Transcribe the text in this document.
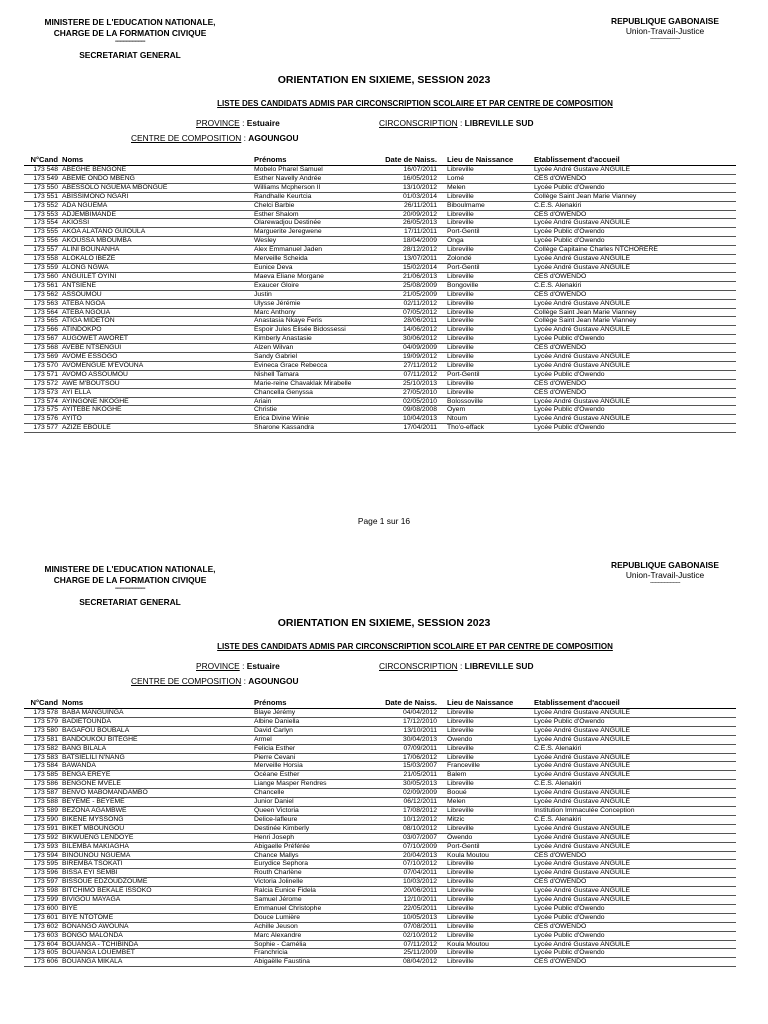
MINISTERE DE L'EDUCATION NATIONALE,
CHARGE DE LA FORMATION CIVIQUE
--------------------
SECRETARIAT GENERAL
REPUBLIQUE GABONAISE
Union-Travail-Justice
--------------------
ORIENTATION EN SIXIEME, SESSION 2023
LISTE DES CANDIDATS ADMIS PAR CIRCONSCRIPTION SCOLAIRE ET PAR CENTRE DE COMPOSITION
PROVINCE : Estuaire	CIRCONSCRIPTION : LIBREVILLE SUD
CENTRE DE COMPOSITION : AGOUNGOU
N°Cand	Noms	Prénoms	Date de Naiss.	Lieu de Naissance	Etablissement d'accueil
173 548	ABEGHE BENGONE	Mobelo Pharel Samuel	16/07/2011	Libreville	Lycée André Gustave ANGUILE
173 549	ABEME ONDO MBENG	Esther Navelly Andrée	16/05/2012	Lomé	CES d'OWENDO
173 550	ABESSOLO NGUEMA MBONGUE	Williams Mcpherson II	13/10/2012	Melen	Lycée Public d'Owendo
173 551	ABISSIMONO NGARI	Randhalle Keurtcia	01/03/2014	Libreville	Collège Saint Jean Marie Vianney
173 552	ADA NGUEMA	Chelci Barbie	26/11/2011	Biboulmame	C.E.S. Alenakiri
173 553	ADJEMBIMANDE	Esther Shalom	20/09/2012	Libreville	CES d'OWENDO
173 554	AKIOSSI	Olarewadjou Destinée	26/05/2013	Libreville	Lycée André Gustave ANGUILE
173 555	AKOA ALATANO GUIOULA	Marguerite Jeregwene	17/11/2011	Port-Gentil	Lycée Public d'Owendo
173 556	AKOUSSA MBOUMBA	Wesley	18/04/2009	Onga	Lycée Public d'Owendo
173 557	ALINI BOUNANHA	Alex Emmanuel Jaden	28/12/2012	Libreville	Collège Capitaine Charles NTCHORERE
173 558	ALOKALO IBEZE	Merveille Scheida	13/07/2011	Zolondé	Lycée André Gustave ANGUILE
173 559	ALONG NGWA	Eunice Deva	15/02/2014	Port-Gentil	Lycée André Gustave ANGUILE
173 560	ANGUILET OYINI	Maeva Eliane Morgane	21/06/2013	Libreville	CES d'OWENDO
173 561	ANTSIENE	Exaucer Gloire	25/08/2009	Bongoville	C.E.S. Alenakiri
173 562	ASSOUMOU	Justin	21/05/2009	Libreville	CES d'OWENDO
173 563	ATEBA NGOA	Ulysse Jérémie	02/11/2012	Libreville	Lycée André Gustave ANGUILE
173 564	ATEBA NGOUA	Marc Anthony	07/05/2012	Libreville	Collège Saint Jean Marie Vianney
173 565	ATIGA MIDETON	Anastasia Nkaye Feris	28/06/2011	Libreville	Collège Saint Jean Marie Vianney
173 566	ATINDOKPO	Espoir Jules Elisée Bidossessi	14/06/2012	Libreville	Lycée André Gustave ANGUILE
173 567	AUGOWET AWORET	Kimberly Anastasie	30/06/2012	Libreville	Lycée Public d'Owendo
173 568	AVEBE NTSENGUI	Alzen Wilvan	04/09/2009	Libreville	CES d'OWENDO
173 569	AVOME ESSOGO	Sandy Gabriel	19/09/2012	Libreville	Lycée André Gustave ANGUILE
173 570	AVOMENGUE M'EVOUNA	Evineca Grace Rebecca	27/11/2012	Libreville	Lycée André Gustave ANGUILE
173 571	AVOMO ASSOUMOU	Nishell Tamara	07/11/2012	Port-Gentil	Lycée Public d'Owendo
173 572	AWE M'BOUTSOU	Marie-reine Chavaklak Mirabelle	25/10/2013	Libreville	CES d'OWENDO
173 573	AYI ELLA	Chancella Genyssa	27/05/2010	Libreville	CES d'OWENDO
173 574	AYINGONE NKOGHE	Ariain	02/05/2010	Bolossoville	Lycée André Gustave ANGUILE
173 575	AYITEBE NKOGHE	Christie	09/08/2008	Oyem	Lycée Public d'Owendo
173 576	AYITO	Erica Divine Winie	10/04/2013	Ntoum	Lycée André Gustave ANGUILE
173 577	AZIZE EBOULE	Sharone Kassandra	17/04/2011	Tho'o-effack	Lycée Public d'Owendo
Page 1 sur 16
MINISTERE DE L'EDUCATION NATIONALE,
CHARGE DE LA FORMATION CIVIQUE
--------------------
SECRETARIAT GENERAL
REPUBLIQUE GABONAISE
Union-Travail-Justice
--------------------
ORIENTATION EN SIXIEME, SESSION 2023
LISTE DES CANDIDATS ADMIS PAR CIRCONSCRIPTION SCOLAIRE ET PAR CENTRE DE COMPOSITION
PROVINCE : Estuaire	CIRCONSCRIPTION : LIBREVILLE SUD
CENTRE DE COMPOSITION : AGOUNGOU
N°Cand	Noms	Prénoms	Date de Naiss.	Lieu de Naissance	Etablissement d'accueil
173 578	BABA MANGUINGA	Blaye Jérémy	04/04/2012	Libreville	Lycée André Gustave ANGUILE
173 579	BADIETOUNDA	Albine Daniella	17/12/2010	Libreville	Lycée Public d'Owendo
173 580	BAGAFOU BOUBALA	David Carlyn	13/10/2011	Libreville	Lycée André Gustave ANGUILE
173 581	BANDOUKOU BITEGHE	Armel	30/04/2013	Owendo	Lycée André Gustave ANGUILE
173 582	BANG BILALA	Felicia Esther	07/09/2011	Libreville	C.E.S. Alenakiri
173 583	BATSIELILI N'NANG	Pierre Cevani	17/06/2012	Libreville	Lycée André Gustave ANGUILE
173 584	BAWANDA	Merveille Horsia	15/03/2007	Franceville	Lycée André Gustave ANGUILE
173 585	BENGA EREYE	Océane Esther	21/05/2011	Balem	Lycée André Gustave ANGUILE
173 586	BENGONE MVELE	Liange Masper Rendres	30/05/2013	Libreville	C.E.S. Alenakiri
173 587	BENVO MABOMANDAMBO	Chancelle	02/09/2009	Booué	Lycée André Gustave ANGUILE
173 588	BEYEME - BEYEME	Junior Daniel	06/12/2011	Melen	Lycée André Gustave ANGUILE
173 589	BEZONA AGAMBWE	Queen Victoria	17/08/2012	Libreville	Institution Immaculée Conception
173 590	BIKENE MYSSONG	Delice-lafleure	10/12/2012	Mitzic	C.E.S. Alenakiri
173 591	BIKET MBOUNGOU	Destinée Kimberly	08/10/2012	Libreville	Lycée André Gustave ANGUILE
173 592	BIKWUENG LENDOYE	Henri Joseph	03/07/2007	Owendo	Lycée André Gustave ANGUILE
173 593	BILEMBA MAKIAGHA	Abigaelle Préférée	07/10/2009	Port-Gentil	Lycée André Gustave ANGUILE
173 594	BINOUNOU NGUEMA	Chance Mallys	20/04/2013	Koula Moutou	CES d'OWENDO
173 595	BIREMBA TSOKATI	Eurydice Sephora	07/10/2012	Libreville	Lycée André Gustave ANGUILE
173 596	BISSA EYI SEMBI	Routh Charlène	07/04/2011	Libreville	Lycée André Gustave ANGUILE
173 597	BISSOUE EDZOUDZOUME	Victoria Jolinelle	10/03/2012	Libreville	CES d'OWENDO
173 598	BITCHIMO BEKALE ISSOKO	Ralcia Eunice Fidela	20/06/2011	Libreville	Lycée André Gustave ANGUILE
173 599	BIVIGOU MAYAGA	Samuel Jérome	12/10/2011	Libreville	Lycée André Gustave ANGUILE
173 600	BIYE	Emmanuel Christophe	22/05/2011	Libreville	Lycée Public d'Owendo
173 601	BIYE NTOTOME	Douce Lumière	10/05/2013	Libreville	Lycée Public d'Owendo
173 602	BONANGO AWOUNA	Achille Jeuson	07/08/2011	Libreville	CES d'OWENDO
173 603	BONGO MALONDA	Marc Alexandre	02/10/2012	Libreville	Lycée Public d'Owendo
173 604	BOUANGA - TCHIBINDA	Sophie - Camélia	07/11/2012	Koula Moutou	Lycée André Gustave ANGUILE
173 605	BOUANGA LOUEMBET	Franchricia	25/11/2009	Libreville	Lycée Public d'Owendo
173 606	BOUANGA MIKALA	Abigaëlle Faustina	08/04/2012	Libreville	CES d'OWENDO
